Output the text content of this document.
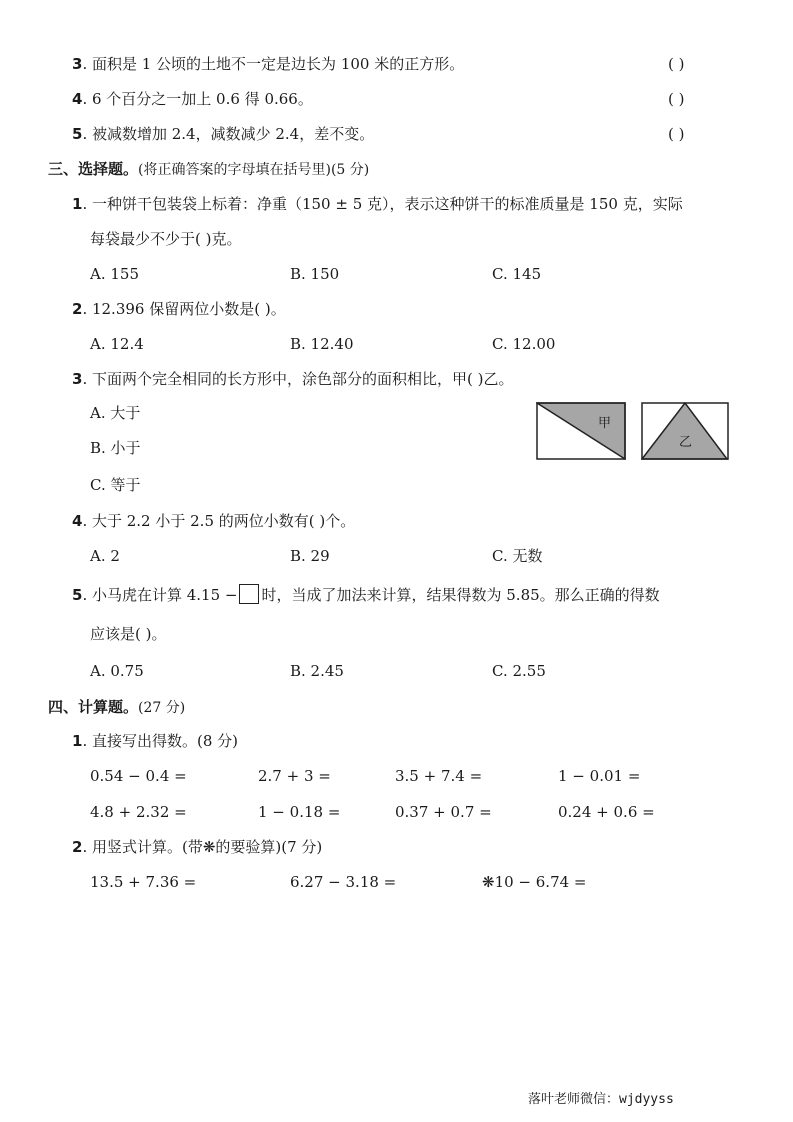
3. 面积是 1 公顷的土地不一定是边长为 100 米的正方形。	( )
4. 6 个百分之一加上 0.6 得 0.66。	( )
5. 被减数增加 2.4，减数减少 2.4，差不变。	( )
三、选择题。(将正确答案的字母填在括号里)(5 分)
1. 一种饼干包装袋上标着：净重（150 ± 5 克），表示这种饼干的标准质量是 150 克，实际
每袋最少不少于( )克。
A. 155	B. 150	C. 145
2. 12.396 保留两位小数是( )。
A. 12.4	B. 12.40	C. 12.00
3. 下面两个完全相同的长方形中，涂色部分的面积相比，甲( )乙。
A. 大于
B. 小于
C. 等于
甲
乙
4. 大于 2.2 小于 2.5 的两位小数有( )个。
A. 2	B. 29	C. 无数
5. 小马虎在计算 4.15 − 时，当成了加法来计算，结果得数为 5.85。那么正确的得数
应该是( )。
A. 0.75	B. 2.45	C. 2.55
四、计算题。(27 分)
1. 直接写出得数。(8 分)
0.54 − 0.4 =	2.7 + 3 =	3.5 + 7.4 =	1 − 0.01 =
4.8 + 2.32 =	1 − 0.18 =	0.37 + 0.7 =	0.24 + 0.6 =
2. 用竖式计算。(带❋的要验算)(7 分)
13.5 + 7.36 =	6.27 − 3.18 =	❋10 − 6.74 =
落叶老师微信：wjdyyss
